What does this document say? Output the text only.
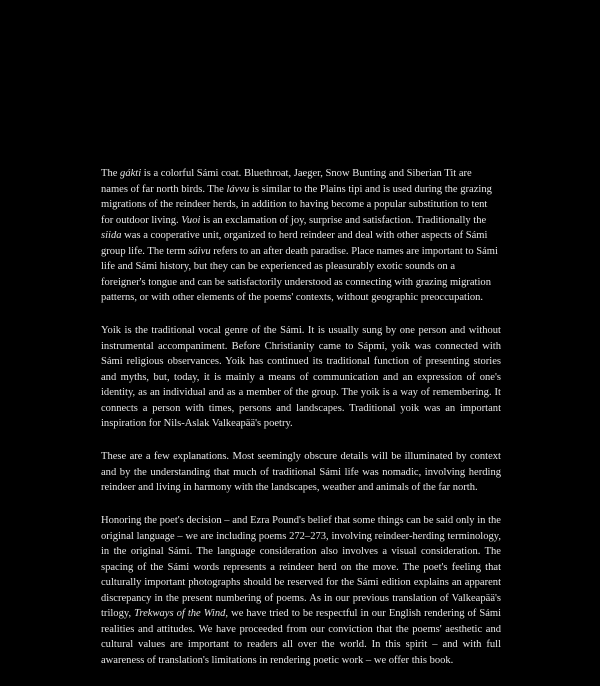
The gákti is a colorful Sámi coat. Bluethroat, Jaeger, Snow Bunting and Siberian Tit are names of far north birds. The lávvu is similar to the Plains tipi and is used during the grazing migrations of the reindeer herds, in addition to having become a popular substitution to tent for outdoor living. Vuoi is an exclamation of joy, surprise and satisfaction. Traditionally the siida was a cooperative unit, organized to herd reindeer and deal with other aspects of Sámi group life. The term sáivu refers to an after death paradise. Place names are important to Sámi life and Sámi history, but they can be experienced as pleasurably exotic sounds on a foreigner's tongue and can be satisfactorily understood as connecting with grazing migration patterns, or with other elements of the poems' contexts, without geographic preoccupation.

Yoik is the traditional vocal genre of the Sámi. It is usually sung by one person and without instrumental accompaniment. Before Christianity came to Sápmi, yoik was connected with Sámi religious observances. Yoik has continued its traditional function of presenting stories and myths, but, today, it is mainly a means of communication and an expression of one's identity, as an individual and as a member of the group. The yoik is a way of remembering. It connects a person with times, persons and landscapes. Traditional yoik was an important inspiration for Nils-Aslak Valkeapää's poetry.

These are a few explanations. Most seemingly obscure details will be illuminated by context and by the understanding that much of traditional Sámi life was nomadic, involving herding reindeer and living in harmony with the landscapes, weather and animals of the far north.

Honoring the poet's decision – and Ezra Pound's belief that some things can be said only in the original language – we are including poems 272–273, involving reindeer-herding terminology, in the original Sámi. The language consideration also involves a visual consideration. The spacing of the Sámi words represents a reindeer herd on the move. The poet's feeling that culturally important photographs should be reserved for the Sámi edition explains an apparent discrepancy in the present numbering of poems. As in our previous translation of Valkeapää's trilogy, Trekways of the Wind, we have tried to be respectful in our English rendering of Sámi realities and attitudes. We have proceeded from our conviction that the poems' aesthetic and cultural values are important to readers all over the world. In this spirit – and with full awareness of translation's limitations in rendering poetic work – we offer this book.
